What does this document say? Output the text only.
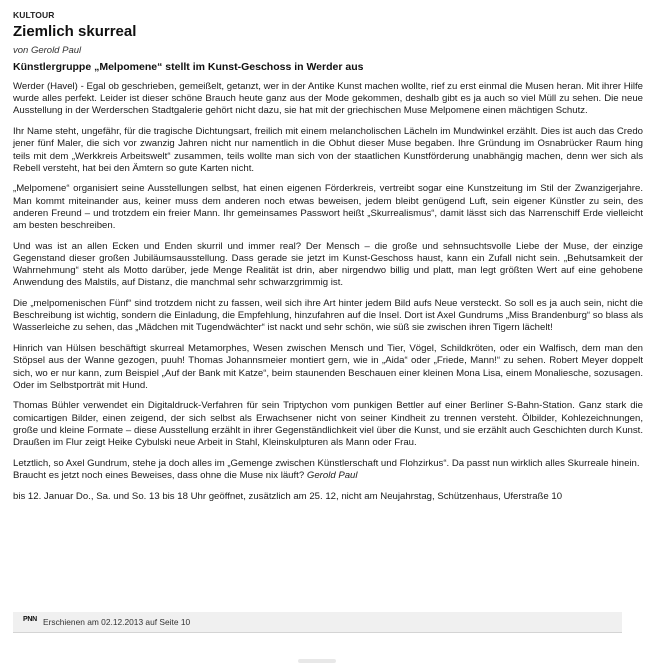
KULTOUR
Ziemlich skurreal
von Gerold Paul
Künstlergruppe „Melpomene“ stellt im Kunst-Geschoss in Werder aus

Werder (Havel) - Egal ob geschrieben, gemeißelt, getanzt, wer in der Antike Kunst machen wollte, rief zu erst einmal die Musen heran. Mit ihrer Hilfe wurde alles perfekt. Leider ist dieser schöne Brauch heute ganz aus der Mode gekommen, deshalb gibt es ja auch so viel Müll zu sehen. Die neue Ausstellung in der Werderschen Stadtgalerie gehört nicht dazu, sie hat mit der griechischen Muse Melpomene einen mächtigen Schutz.

Ihr Name steht, ungefähr, für die tragische Dichtungsart, freilich mit einem melancholischen Lächeln im Mundwinkel erzählt. Dies ist auch das Credo jener fünf Maler, die sich vor zwanzig Jahren nicht nur namentlich in die Obhut dieser Muse begaben. Ihre Gründung im Osnabrücker Raum hing teils mit dem „Werkkreis Arbeitswelt“ zusammen, teils wollte man sich von der staatlichen Kunstförderung unabhängig machen, denn wer sich als Rebell versteht, hat bei den Ämtern so gute Karten nicht.

„Melpomene“ organisiert seine Ausstellungen selbst, hat einen eigenen Förderkreis, vertreibt sogar eine Kunstzeitung im Stil der Zwanzigerjahre. Man kommt miteinander aus, keiner muss dem anderen noch etwas beweisen, jedem bleibt genügend Luft, sein eigener Künstler zu sein, des anderen Freund – und trotzdem ein freier Mann. Ihr gemeinsames Passwort heißt „Skurrealismus“, damit lässt sich das Narrenschiff Erde vielleicht am besten beschreiben.

Und was ist an allen Ecken und Enden skurril und immer real? Der Mensch – die große und sehnsuchtsvolle Liebe der Muse, der einzige Gegenstand dieser großen Jubiläumsausstellung. Dass gerade sie jetzt im Kunst-Geschoss haust, kann ein Zufall nicht sein. „Behutsamkeit der Wahrnehmung“ steht als Motto darüber, jede Menge Realität ist drin, aber nirgendwo billig und platt, man legt größten Wert auf eine gehobene Anwendung des Malstils, auf Distanz, die manchmal sehr schwarzgrimmig ist.

Die „melpomenischen Fünf“ sind trotzdem nicht zu fassen, weil sich ihre Art hinter jedem Bild aufs Neue versteckt. So soll es ja auch sein, nicht die Beschreibung ist wichtig, sondern die Einladung, die Empfehlung, hinzufahren auf die Insel. Dort ist Axel Gundrums „Miss Brandenburg“ so blass als Wasserleiche zu sehen, das „Mädchen mit Tugendwächter“ ist nackt und sehr schön, wie süß sie zwischen ihren Tigern lächelt!

Hinrich van Hülsen beschäftigt skurreal Metamorphes, Wesen zwischen Mensch und Tier, Vögel, Schildkröten, oder ein Walfisch, dem man den Stöpsel aus der Wanne gezogen, puuh! Thomas Johannsmeier montiert gern, wie in „Aida“ oder „Friede, Mann!“ zu sehen. Robert Meyer doppelt sich, wo er nur kann, zum Beispiel „Auf der Bank mit Katze“, beim staunenden Beschauen einer kleinen Mona Lisa, einem Monaliesche, sozusagen. Oder im Selbstporträt mit Hund.

Thomas Bühler verwendet ein Digitaldruck-Verfahren für sein Triptychon vom punkigen Bettler auf einer Berliner S-Bahn-Station. Ganz stark die comicartigen Bilder, einen zeigend, der sich selbst als Erwachsener nicht von seiner Kindheit zu trennen versteht. Ölbilder, Kohlezeichnungen, große und kleine Formate – diese Ausstellung erzählt in ihrer Gegenständlichkeit viel über die Kunst, und sie erzählt auch Geschichten durch Kunst. Draußen im Flur zeigt Heike Cybulski neue Arbeit in Stahl, Kleinskulpturen als Mann oder Frau.

Letztlich, so Axel Gundrum, stehe ja doch alles im „Gemenge zwischen Künstlerschaft und Flohzirkus“. Da passt nun wirklich alles Skurreale hinein. Braucht es jetzt noch eines Beweises, dass ohne die Muse nix läuft? Gerold Paul

bis 12. Januar Do., Sa. und So. 13 bis 18 Uhr geöffnet, zusätzlich am 25. 12, nicht am Neujahrstag, Schützenhaus, Uferstraße 10

PNN Erschienen am 02.12.2013 auf Seite 10
